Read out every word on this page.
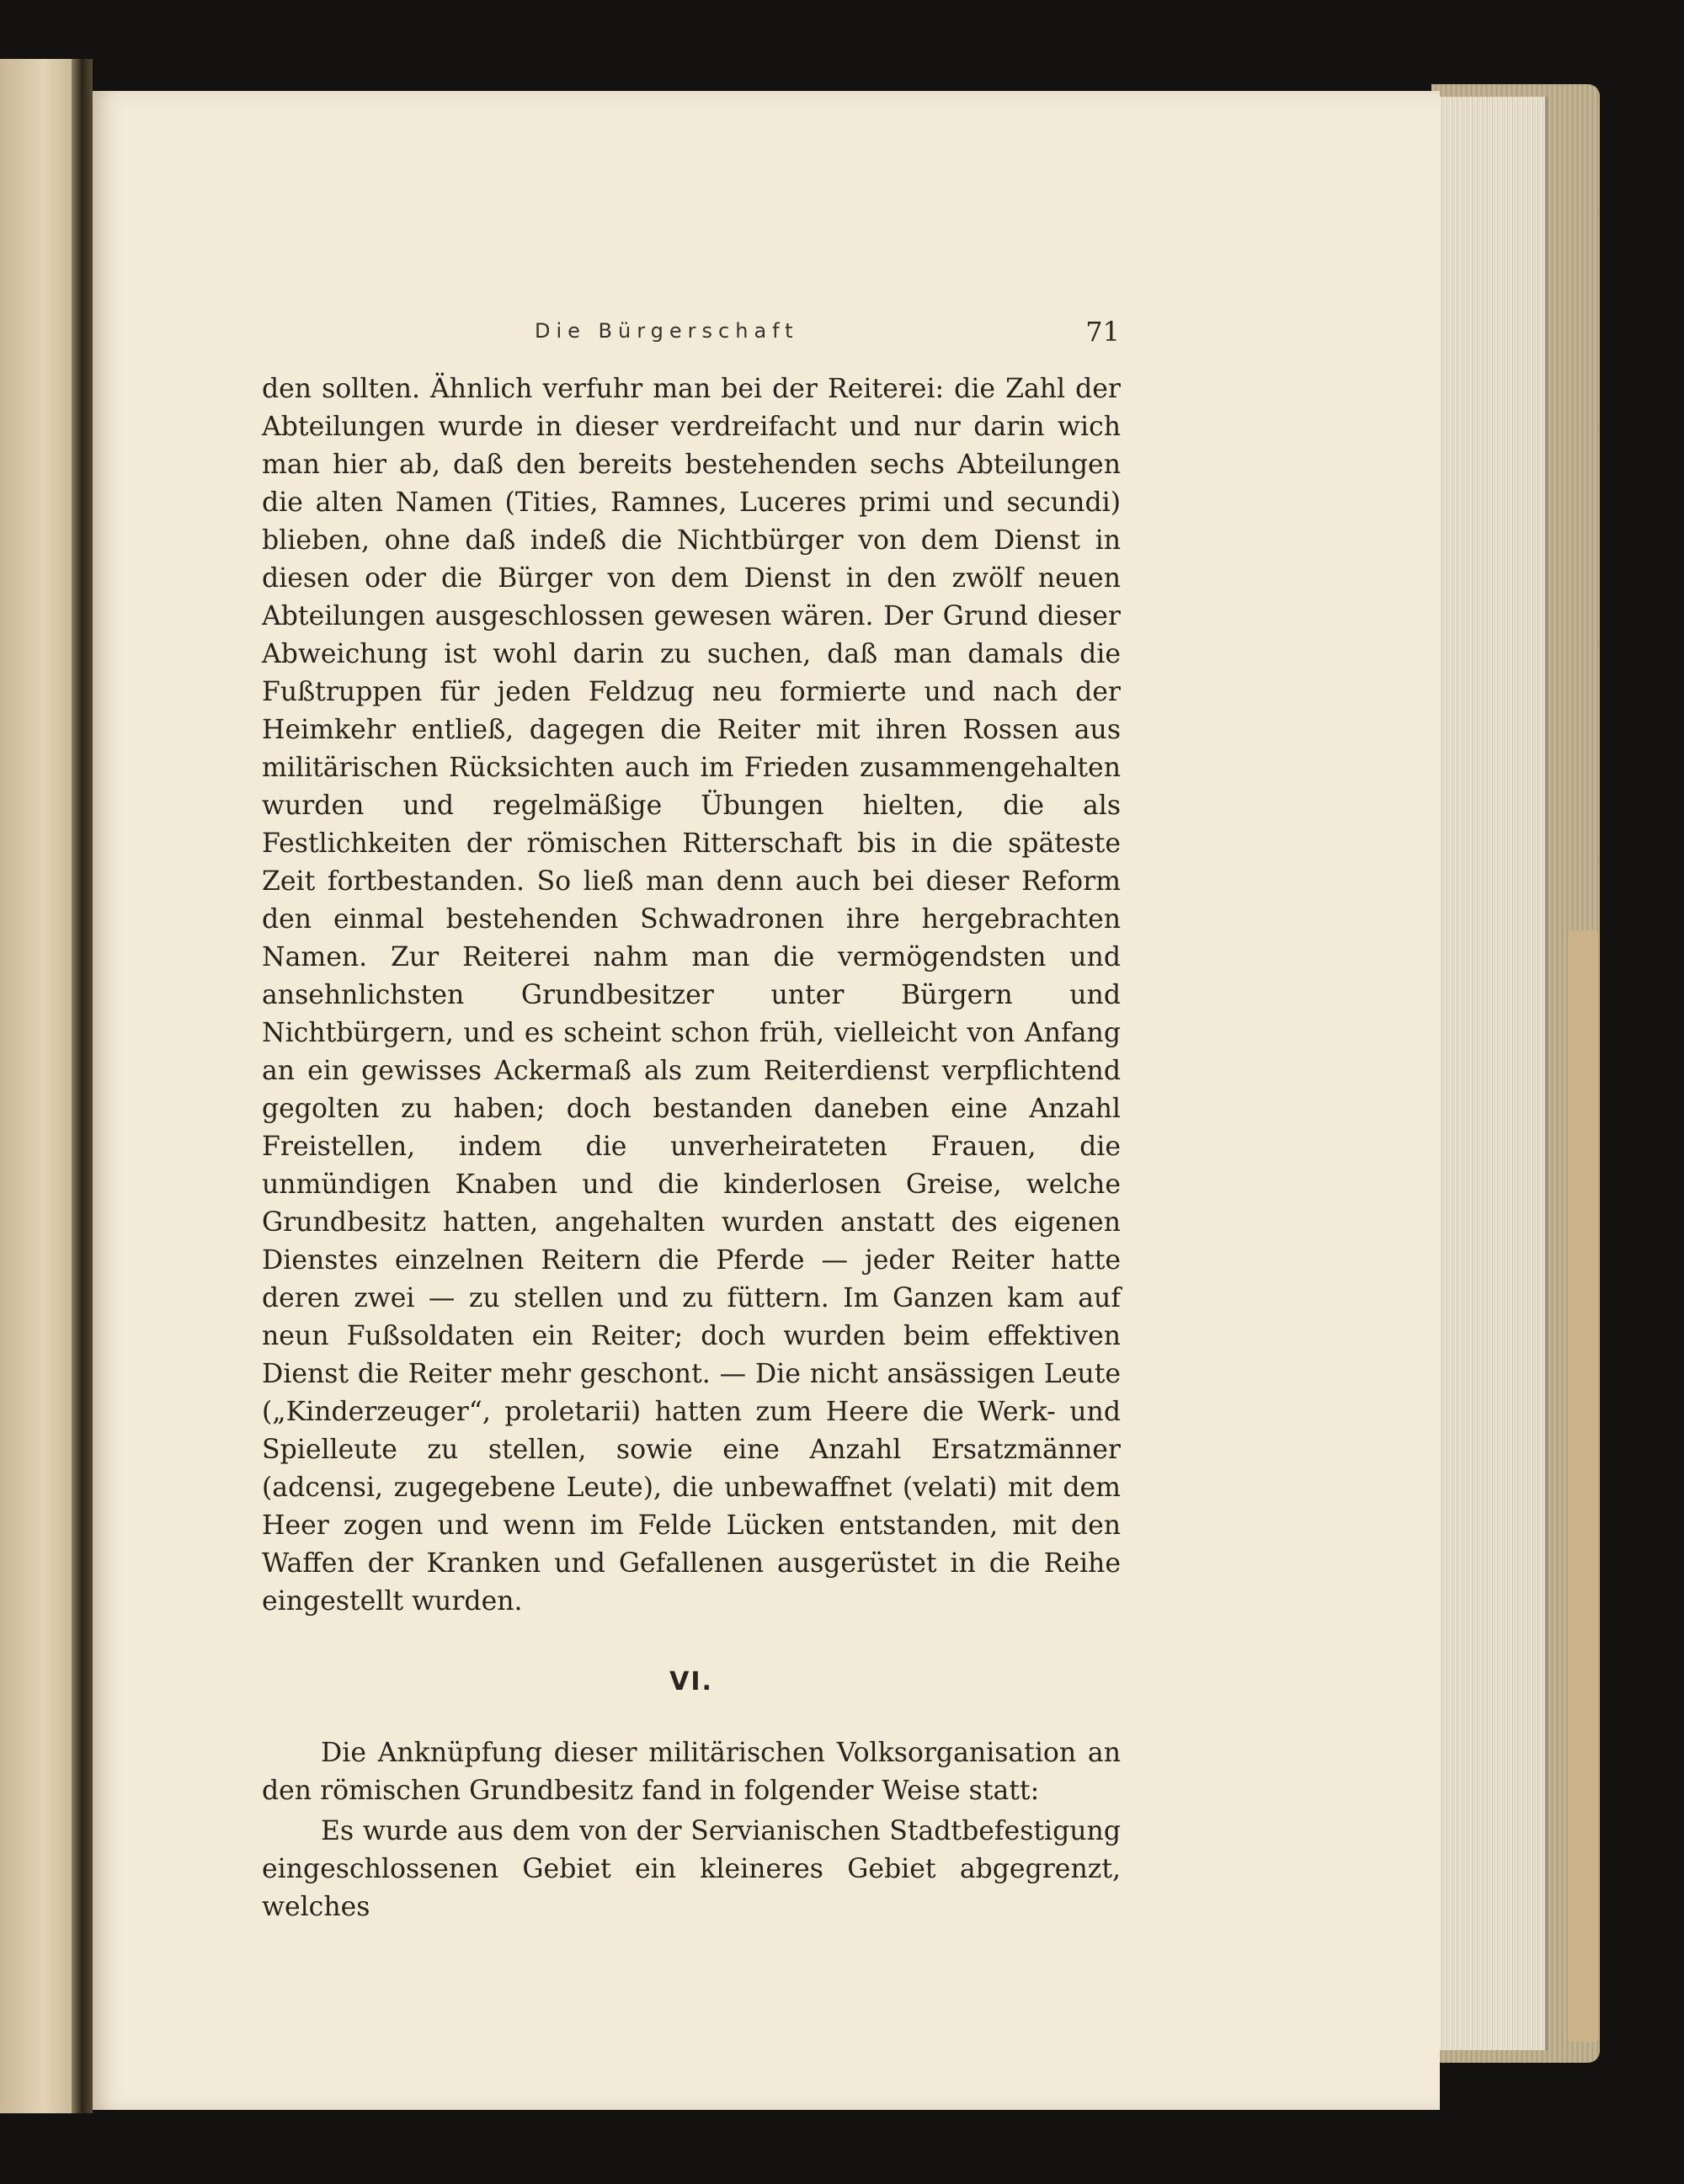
Die Bürgerschaft	71

den sollten. Ähnlich verfuhr man bei der Reiterei: die Zahl der Abteilungen wurde in dieser verdreifacht und nur darin wich man hier ab, daß den bereits bestehenden sechs Abteilungen die alten Namen (Tities, Ramnes, Luceres primi und secundi) blieben, ohne daß indeß die Nichtbürger von dem Dienst in diesen oder die Bürger von dem Dienst in den zwölf neuen Abteilungen ausgeschlossen gewesen wären. Der Grund dieser Abweichung ist wohl darin zu suchen, daß man damals die Fußtruppen für jeden Feldzug neu formierte und nach der Heimkehr entließ, dagegen die Reiter mit ihren Rossen aus militärischen Rücksichten auch im Frieden zusammengehalten wurden und regelmäßige Übungen hielten, die als Festlichkeiten der römischen Ritterschaft bis in die späteste Zeit fortbestanden. So ließ man denn auch bei dieser Reform den einmal bestehenden Schwadronen ihre hergebrachten Namen. Zur Reiterei nahm man die vermögendsten und ansehnlichsten Grundbesitzer unter Bürgern und Nichtbürgern, und es scheint schon früh, vielleicht von Anfang an ein gewisses Ackermaß als zum Reiterdienst verpflichtend gegolten zu haben; doch bestanden daneben eine Anzahl Freistellen, indem die unverheirateten Frauen, die unmündigen Knaben und die kinderlosen Greise, welche Grundbesitz hatten, angehalten wurden anstatt des eigenen Dienstes einzelnen Reitern die Pferde — jeder Reiter hatte deren zwei — zu stellen und zu füttern. Im Ganzen kam auf neun Fußsoldaten ein Reiter; doch wurden beim effektiven Dienst die Reiter mehr geschont. — Die nicht ansässigen Leute („Kinderzeuger“, proletarii) hatten zum Heere die Werk- und Spielleute zu stellen, sowie eine Anzahl Ersatzmänner (adcensi, zugegebene Leute), die unbewaffnet (velati) mit dem Heer zogen und wenn im Felde Lücken entstanden, mit den Waffen der Kranken und Gefallenen ausgerüstet in die Reihe eingestellt wurden.

VI.

Die Anknüpfung dieser militärischen Volksorganisation an den römischen Grundbesitz fand in folgender Weise statt:

Es wurde aus dem von der Servianischen Stadtbefestigung eingeschlossenen Gebiet ein kleineres Gebiet abgegrenzt, welches
